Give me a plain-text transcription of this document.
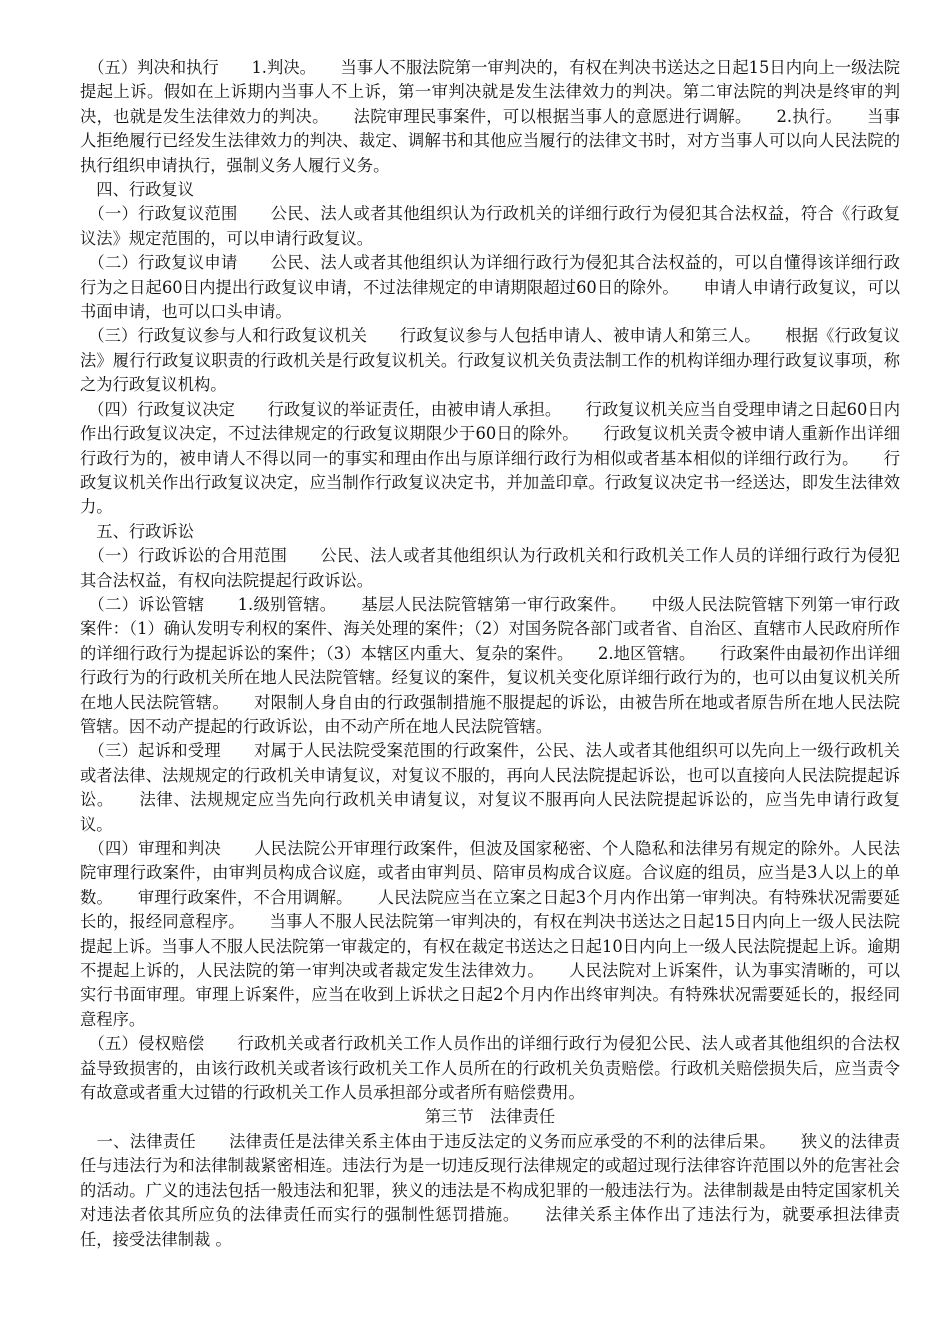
　（五）判决和执行　　1.判决。　　当事人不服法院第一审判决的，有权在判决书送达之日起15日内向上一级法院提起上诉。假如在上诉期内当事人不上诉，第一审判决就是发生法律效力的判决。第二审法院的判决是终审的判决，也就是发生法律效力的判决。　　法院审理民事案件，可以根据当事人的意愿进行调解。　　2.执行。　　当事人拒绝履行已经发生法律效力的判决、裁定、调解书和其他应当履行的法律文书时，对方当事人可以向人民法院的执行组织申请执行，强制义务人履行义务。

　四、行政复议

　（一）行政复议范围　　公民、法人或者其他组织认为行政机关的详细行政行为侵犯其合法权益，符合《行政复议法》规定范围的，可以申请行政复议。

　（二）行政复议申请　　公民、法人或者其他组织认为详细行政行为侵犯其合法权益的，可以自懂得该详细行政行为之日起60日内提出行政复议申请，不过法律规定的申请期限超过60日的除外。　　申请人申请行政复议，可以书面申请，也可以口头申请。

　（三）行政复议参与人和行政复议机关　　行政复议参与人包括申请人、被申请人和第三人。　　根据《行政复议法》履行行政复议职责的行政机关是行政复议机关。行政复议机关负责法制工作的机构详细办理行政复议事项，称之为行政复议机构。

　（四）行政复议决定　　行政复议的举证责任，由被申请人承担。　　行政复议机关应当自受理申请之日起60日内作出行政复议决定，不过法律规定的行政复议期限少于60日的除外。　　行政复议机关责令被申请人重新作出详细行政行为的，被申请人不得以同一的事实和理由作出与原详细行政行为相似或者基本相似的详细行政行为。　　行政复议机关作出行政复议决定，应当制作行政复议决定书，并加盖印章。行政复议决定书一经送达，即发生法律效力。

　五、行政诉讼

　（一）行政诉讼的合用范围　　公民、法人或者其他组织认为行政机关和行政机关工作人员的详细行政行为侵犯其合法权益，有权向法院提起行政诉讼。

　（二）诉讼管辖　　1.级别管辖。　　基层人民法院管辖第一审行政案件。　　中级人民法院管辖下列第一审行政案件：（1）确认发明专利权的案件、海关处理的案件；（2）对国务院各部门或者省、自治区、直辖市人民政府所作的详细行政行为提起诉讼的案件；（3）本辖区内重大、复杂的案件。　　2.地区管辖。　　行政案件由最初作出详细行政行为的行政机关所在地人民法院管辖。经复议的案件，复议机关变化原详细行政行为的，也可以由复议机关所在地人民法院管辖。　　对限制人身自由的行政强制措施不服提起的诉讼，由被告所在地或者原告所在地人民法院管辖。因不动产提起的行政诉讼，由不动产所在地人民法院管辖。

　（三）起诉和受理　　对属于人民法院受案范围的行政案件，公民、法人或者其他组织可以先向上一级行政机关或者法律、法规规定的行政机关申请复议，对复议不服的，再向人民法院提起诉讼，也可以直接向人民法院提起诉讼。　　法律、法规规定应当先向行政机关申请复议，对复议不服再向人民法院提起诉讼的，应当先申请行政复议。

　（四）审理和判决　　人民法院公开审理行政案件，但波及国家秘密、个人隐私和法律另有规定的除外。人民法院审理行政案件，由审判员构成合议庭，或者由审判员、陪审员构成合议庭。合议庭的组员，应当是3人以上的单数。　　审理行政案件，不合用调解。　　人民法院应当在立案之日起3个月内作出第一审判决。有特殊状况需要延长的，报经同意程序。　　当事人不服人民法院第一审判决的，有权在判决书送达之日起15日内向上一级人民法院提起上诉。当事人不服人民法院第一审裁定的，有权在裁定书送达之日起10日内向上一级人民法院提起上诉。逾期不提起上诉的，人民法院的第一审判决或者裁定发生法律效力。　　人民法院对上诉案件，认为事实清晰的，可以实行书面审理。审理上诉案件，应当在收到上诉状之日起2个月内作出终审判决。有特殊状况需要延长的，报经同意程序。

　（五）侵权赔偿　　行政机关或者行政机关工作人员作出的详细行政行为侵犯公民、法人或者其他组织的合法权益导致损害的，由该行政机关或者该行政机关工作人员所在的行政机关负责赔偿。行政机关赔偿损失后，应当责令有故意或者重大过错的行政机关工作人员承担部分或者所有赔偿费用。

第三节　法律责任

　一、法律责任　　法律责任是法律关系主体由于违反法定的义务而应承受的不利的法律后果。　　狭义的法律责任与违法行为和法律制裁紧密相连。违法行为是一切违反现行法律规定的或超过现行法律容许范围以外的危害社会的活动。广义的违法包括一般违法和犯罪，狭义的违法是不构成犯罪的一般违法行为。法律制裁是由特定国家机关对违法者依其所应负的法律责任而实行的强制性惩罚措施。　　法律关系主体作出了违法行为，就要承担法律责任，接受法律制裁 。
